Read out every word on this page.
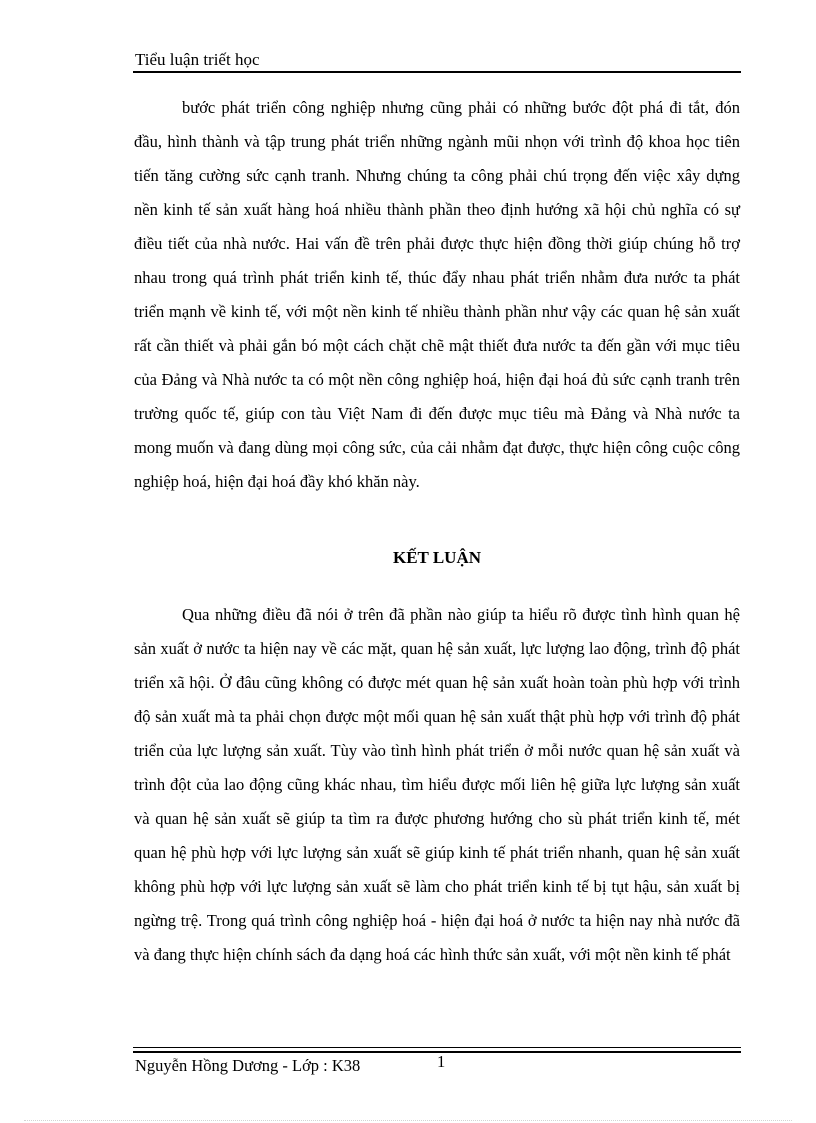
Tiểu luận triết học

bước phát triển công nghiệp nhưng cũng phải có những bước đột phá đi tắt, đón đầu, hình thành và tập trung phát triển những ngành mũi nhọn với trình độ khoa học tiên tiến tăng cường sức cạnh tranh. Nhưng chúng ta công phải chú trọng đến việc xây dựng nền kinh tế sản xuất hàng hoá nhiều thành phần theo định hướng xã hội chủ nghĩa có sự điều tiết của nhà nước. Hai vấn đề trên phải được thực hiện đồng thời giúp chúng hỗ trợ nhau trong quá trình phát triển kinh tế, thúc đẩy nhau phát triển nhằm đưa nước ta phát triển mạnh về kinh tế, với một nền kinh tế nhiều thành phần như vậy các quan hệ sản xuất rất cần thiết và phải gắn bó một cách chặt chẽ mật thiết đưa nước ta đến gần với mục tiêu của Đảng và Nhà nước ta có một nền công nghiệp hoá, hiện đại hoá đủ sức cạnh tranh trên trường quốc tế, giúp con tàu Việt Nam đi đến được mục tiêu mà Đảng và Nhà nước ta mong muốn và đang dùng mọi công sức, của cải nhằm đạt được, thực hiện công cuộc công nghiệp hoá, hiện đại hoá đầy khó khăn này.

KẾT LUẬN

Qua những điều đã nói ở trên đã phần nào giúp ta hiểu rõ được tình hình quan hệ sản xuất ở nước ta hiện nay về các mặt, quan hệ sản xuất, lực lượng lao động, trình độ phát triển xã hội. Ở đâu cũng không có được mét quan hệ sản xuất hoàn toàn phù hợp với trình độ sản xuất mà ta phải chọn được một mối quan hệ sản xuất thật phù hợp với trình độ phát triển của lực lượng sản xuất. Tùy vào tình hình phát triển ở mỗi nước quan hệ sản xuất và trình đột của lao động cũng khác nhau, tìm hiểu được mối liên hệ giữa lực lượng sản xuất và quan hệ sản xuất sẽ giúp ta tìm ra được phương hướng cho sù phát triển kinh tế, mét quan hệ phù hợp với lực lượng sản xuất sẽ giúp kinh tế phát triển nhanh, quan hệ sản xuất không phù hợp với lực lượng sản xuất sẽ làm cho phát triển kinh tế bị tụt hậu, sản xuất bị ngừng trệ. Trong quá trình công nghiệp hoá - hiện đại hoá ở nước ta hiện nay nhà nước đã và đang thực hiện chính sách đa dạng hoá các hình thức sản xuất, với một nền kinh tế phát

Nguyễn Hồng Dương - Lớp : K38	1
